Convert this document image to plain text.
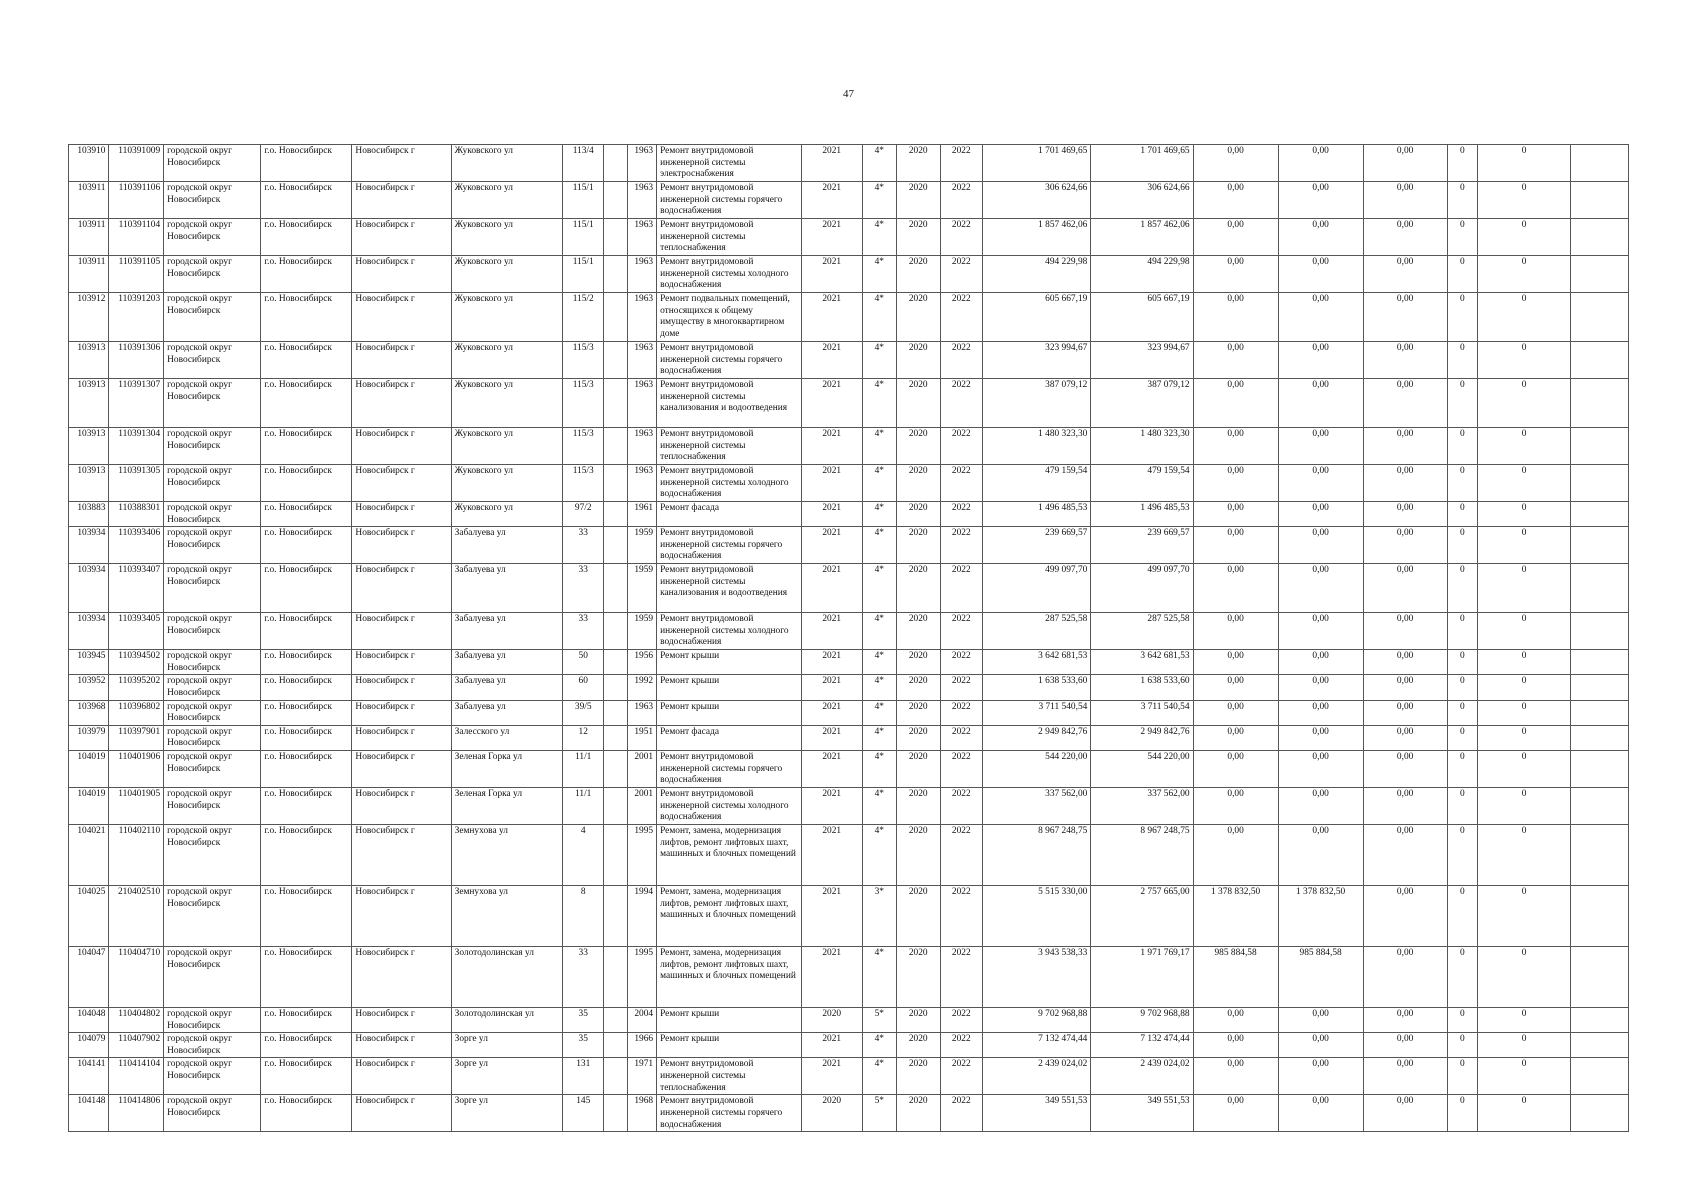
47
103910	110391009	городской округ Новосибирск	г.о. Новосибирск	Новосибирск г	Жуковского ул	113/4		1963	Ремонт внутридомовой инженерной системы электроснабжения	2021	4*	2020	2022	1 701 469,65	1 701 469,65	0,00	0,00	0,00	0	0	
103911	110391106	городской округ Новосибирск	г.о. Новосибирск	Новосибирск г	Жуковского ул	115/1		1963	Ремонт внутридомовой инженерной системы горячего водоснабжения	2021	4*	2020	2022	306 624,66	306 624,66	0,00	0,00	0,00	0	0	
103911	110391104	городской округ Новосибирск	г.о. Новосибирск	Новосибирск г	Жуковского ул	115/1		1963	Ремонт внутридомовой инженерной системы теплоснабжения	2021	4*	2020	2022	1 857 462,06	1 857 462,06	0,00	0,00	0,00	0	0	
103911	110391105	городской округ Новосибирск	г.о. Новосибирск	Новосибирск г	Жуковского ул	115/1		1963	Ремонт внутридомовой инженерной системы холодного водоснабжения	2021	4*	2020	2022	494 229,98	494 229,98	0,00	0,00	0,00	0	0	
103912	110391203	городской округ Новосибирск	г.о. Новосибирск	Новосибирск г	Жуковского ул	115/2		1963	Ремонт подвальных помещений, относящихся к общему имуществу в многоквартирном доме	2021	4*	2020	2022	605 667,19	605 667,19	0,00	0,00	0,00	0	0	
103913	110391306	городской округ Новосибирск	г.о. Новосибирск	Новосибирск г	Жуковского ул	115/3		1963	Ремонт внутридомовой инженерной системы горячего водоснабжения	2021	4*	2020	2022	323 994,67	323 994,67	0,00	0,00	0,00	0	0	
103913	110391307	городской округ Новосибирск	г.о. Новосибирск	Новосибирск г	Жуковского ул	115/3		1963	Ремонт внутридомовой инженерной системы канализования и водоотведения	2021	4*	2020	2022	387 079,12	387 079,12	0,00	0,00	0,00	0	0	
103913	110391304	городской округ Новосибирск	г.о. Новосибирск	Новосибирск г	Жуковского ул	115/3		1963	Ремонт внутридомовой инженерной системы теплоснабжения	2021	4*	2020	2022	1 480 323,30	1 480 323,30	0,00	0,00	0,00	0	0	
103913	110391305	городской округ Новосибирск	г.о. Новосибирск	Новосибирск г	Жуковского ул	115/3		1963	Ремонт внутридомовой инженерной системы холодного водоснабжения	2021	4*	2020	2022	479 159,54	479 159,54	0,00	0,00	0,00	0	0	
103883	110388301	городской округ Новосибирск	г.о. Новосибирск	Новосибирск г	Жуковского ул	97/2		1961	Ремонт фасада	2021	4*	2020	2022	1 496 485,53	1 496 485,53	0,00	0,00	0,00	0	0	
103934	110393406	городской округ Новосибирск	г.о. Новосибирск	Новосибирск г	Забалуева ул	33		1959	Ремонт внутридомовой инженерной системы горячего водоснабжения	2021	4*	2020	2022	239 669,57	239 669,57	0,00	0,00	0,00	0	0	
103934	110393407	городской округ Новосибирск	г.о. Новосибирск	Новосибирск г	Забалуева ул	33		1959	Ремонт внутридомовой инженерной системы канализования и водоотведения	2021	4*	2020	2022	499 097,70	499 097,70	0,00	0,00	0,00	0	0	
103934	110393405	городской округ Новосибирск	г.о. Новосибирск	Новосибирск г	Забалуева ул	33		1959	Ремонт внутридомовой инженерной системы холодного водоснабжения	2021	4*	2020	2022	287 525,58	287 525,58	0,00	0,00	0,00	0	0	
103945	110394502	городской округ Новосибирск	г.о. Новосибирск	Новосибирск г	Забалуева ул	50		1956	Ремонт крыши	2021	4*	2020	2022	3 642 681,53	3 642 681,53	0,00	0,00	0,00	0	0	
103952	110395202	городской округ Новосибирск	г.о. Новосибирск	Новосибирск г	Забалуева ул	60		1992	Ремонт крыши	2021	4*	2020	2022	1 638 533,60	1 638 533,60	0,00	0,00	0,00	0	0	
103968	110396802	городской округ Новосибирск	г.о. Новосибирск	Новосибирск г	Забалуева ул	39/5		1963	Ремонт крыши	2021	4*	2020	2022	3 711 540,54	3 711 540,54	0,00	0,00	0,00	0	0	
103979	110397901	городской округ Новосибирск	г.о. Новосибирск	Новосибирск г	Залесского ул	12		1951	Ремонт фасада	2021	4*	2020	2022	2 949 842,76	2 949 842,76	0,00	0,00	0,00	0	0	
104019	110401906	городской округ Новосибирск	г.о. Новосибирск	Новосибирск г	Зеленая Горка ул	11/1		2001	Ремонт внутридомовой инженерной системы горячего водоснабжения	2021	4*	2020	2022	544 220,00	544 220,00	0,00	0,00	0,00	0	0	
104019	110401905	городской округ Новосибирск	г.о. Новосибирск	Новосибирск г	Зеленая Горка ул	11/1		2001	Ремонт внутридомовой инженерной системы холодного водоснабжения	2021	4*	2020	2022	337 562,00	337 562,00	0,00	0,00	0,00	0	0	
104021	110402110	городской округ Новосибирск	г.о. Новосибирск	Новосибирск г	Земнухова ул	4		1995	Ремонт, замена, модернизация лифтов, ремонт лифтовых шахт, машинных и блочных помещений	2021	4*	2020	2022	8 967 248,75	8 967 248,75	0,00	0,00	0,00	0	0	
104025	210402510	городской округ Новосибирск	г.о. Новосибирск	Новосибирск г	Земнухова ул	8		1994	Ремонт, замена, модернизация лифтов, ремонт лифтовых шахт, машинных и блочных помещений	2021	3*	2020	2022	5 515 330,00	2 757 665,00	1 378 832,50	1 378 832,50	0,00	0	0	
104047	110404710	городской округ Новосибирск	г.о. Новосибирск	Новосибирск г	Золотодолинская ул	33		1995	Ремонт, замена, модернизация лифтов, ремонт лифтовых шахт, машинных и блочных помещений	2021	4*	2020	2022	3 943 538,33	1 971 769,17	985 884,58	985 884,58	0,00	0	0	
104048	110404802	городской округ Новосибирск	г.о. Новосибирск	Новосибирск г	Золотодолинская ул	35		2004	Ремонт крыши	2020	5*	2020	2022	9 702 968,88	9 702 968,88	0,00	0,00	0,00	0	0	
104079	110407902	городской округ Новосибирск	г.о. Новосибирск	Новосибирск г	Зорге ул	35		1966	Ремонт крыши	2021	4*	2020	2022	7 132 474,44	7 132 474,44	0,00	0,00	0,00	0	0	
104141	110414104	городской округ Новосибирск	г.о. Новосибирск	Новосибирск г	Зорге ул	131		1971	Ремонт внутридомовой инженерной системы теплоснабжения	2021	4*	2020	2022	2 439 024,02	2 439 024,02	0,00	0,00	0,00	0	0	
104148	110414806	городской округ Новосибирск	г.о. Новосибирск	Новосибирск г	Зорге ул	145		1968	Ремонт внутридомовой инженерной системы горячего водоснабжения	2020	5*	2020	2022	349 551,53	349 551,53	0,00	0,00	0,00	0	0	
